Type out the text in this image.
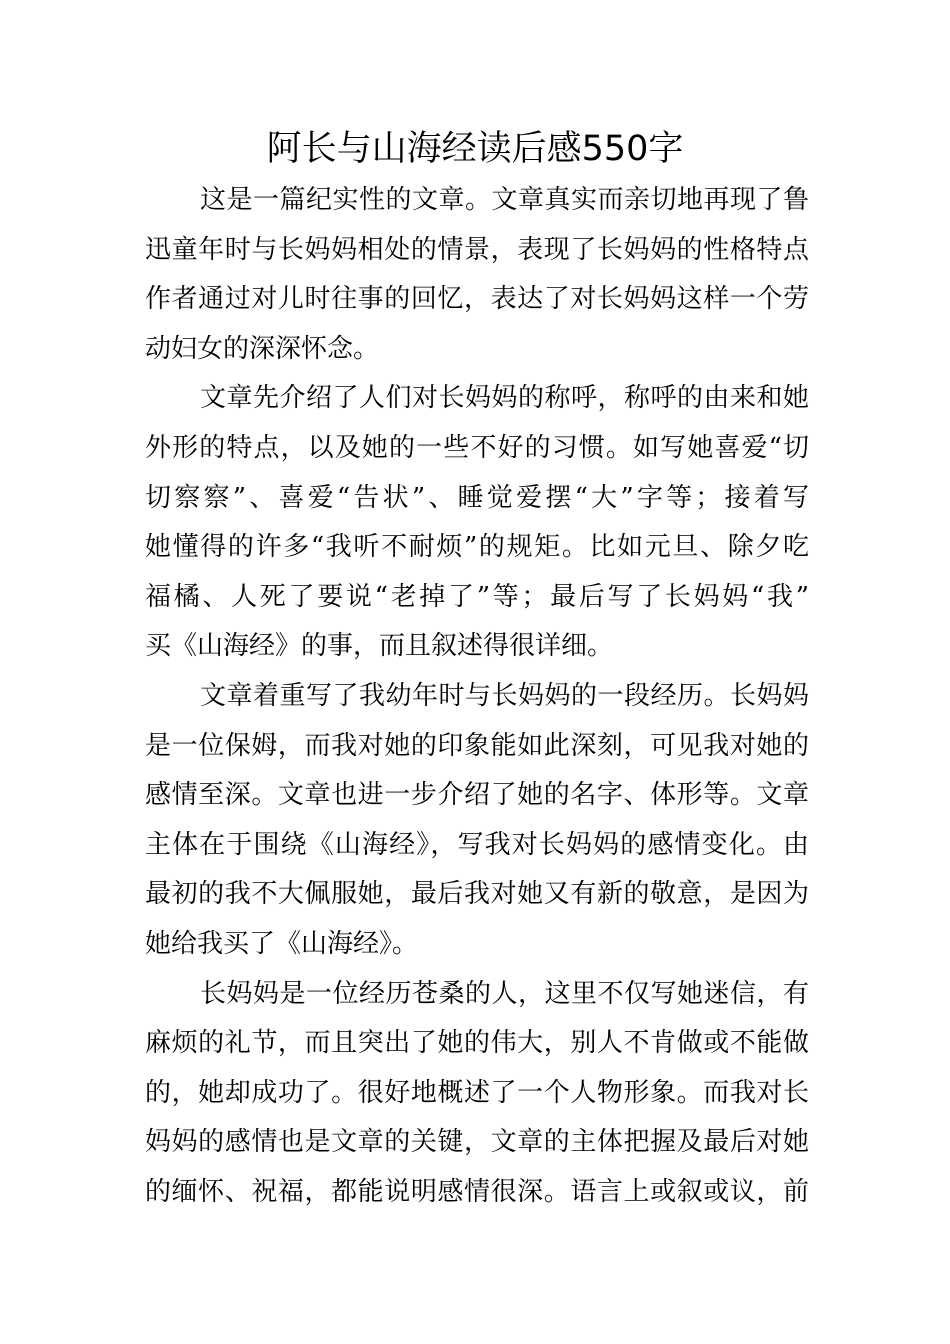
阿长与山海经读后感550字
这是一篇纪实性的文章。文章真实而亲切地再现了鲁
迅童年时与长妈妈相处的情景，表现了长妈妈的性格特点
作者通过对儿时往事的回忆，表达了对长妈妈这样一个劳
动妇女的深深怀念。
文章先介绍了人们对长妈妈的称呼，称呼的由来和她
外形的特点，以及她的一些不好的习惯。如写她喜爱“切
切察察”、喜爱“告状”、睡觉爱摆“大”字等；接着写
她懂得的许多“我听不耐烦”的规矩。比如元旦、除夕吃
福橘、人死了要说“老掉了”等；最后写了长妈妈“我”
买《山海经》的事，而且叙述得很详细。
文章着重写了我幼年时与长妈妈的一段经历。长妈妈
是一位保姆，而我对她的印象能如此深刻，可见我对她的
感情至深。文章也进一步介绍了她的名字、体形等。文章
主体在于围绕《山海经》，写我对长妈妈的感情变化。由
最初的我不大佩服她，最后我对她又有新的敬意，是因为
她给我买了《山海经》。
长妈妈是一位经历苍桑的人，这里不仅写她迷信，有
麻烦的礼节，而且突出了她的伟大，别人不肯做或不能做
的，她却成功了。很好地概述了一个人物形象。而我对长
妈妈的感情也是文章的关键，文章的主体把握及最后对她
的缅怀、祝福，都能说明感情很深。语言上或叙或议，前
